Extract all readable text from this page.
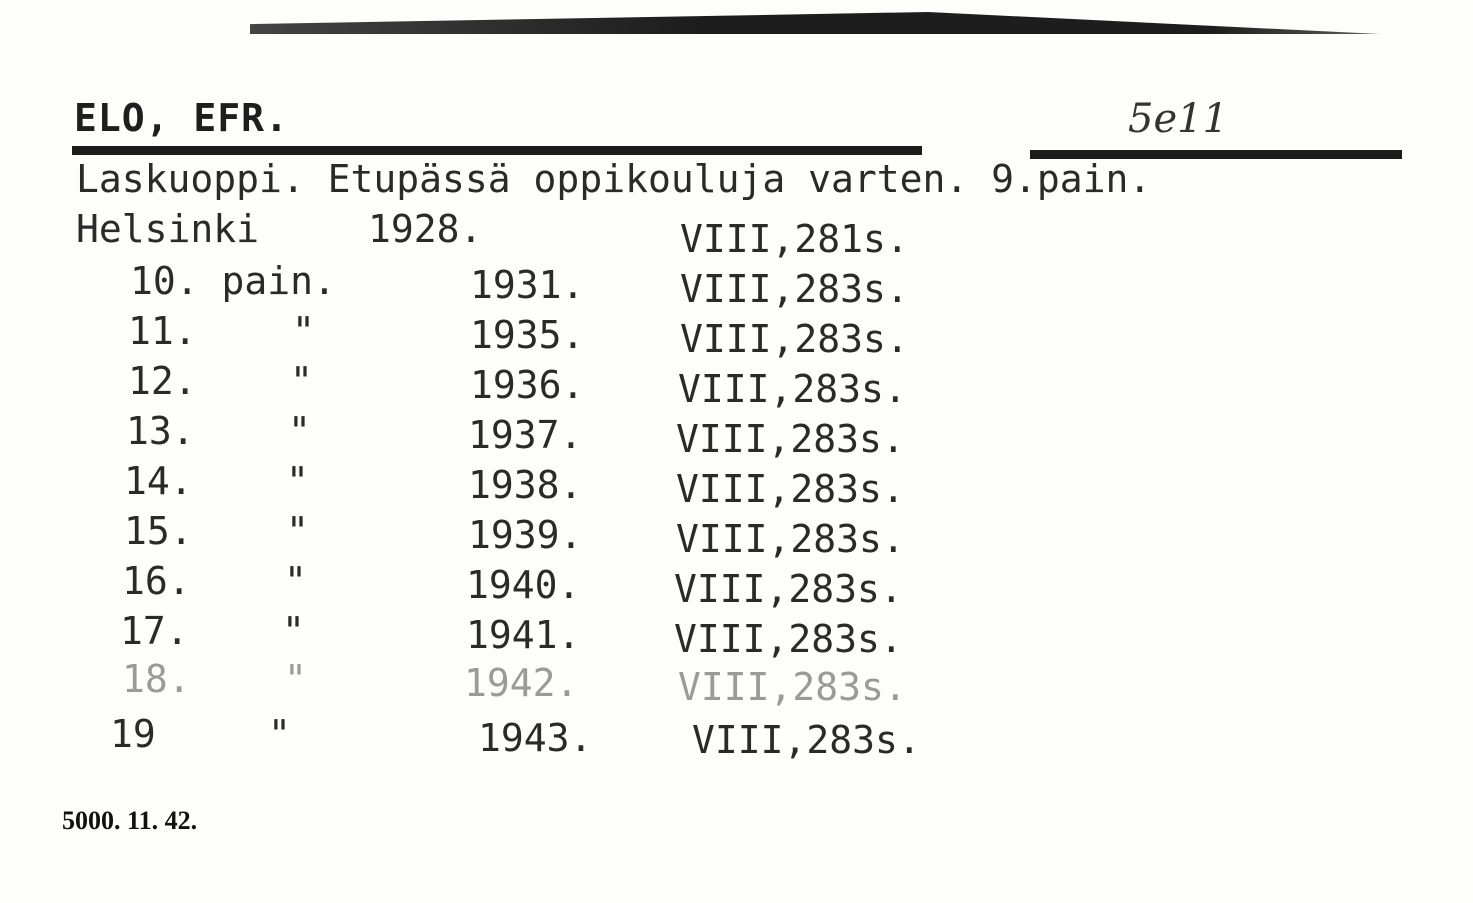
ELO, EFR.	5e11
Laskuoppi. Etupässä oppikouluja varten. 9.pain.
Helsinki	1928.	VIII,281s.
10. pain.	1931.	VIII,283s.
11.	"	1935.	VIII,283s.
12. "	1936. VIII,283s.
13. "	1937. VIII,283s.
14. "	1938. VIII,283s.
15. "	1939. VIII,283s.
16. "	1940. VIII,283s.
17. "	1941. VIII,283s.
18. "	1942.	VIII,283s.
19	"	1943.	VIII,283s.
5000. 11. 42.
